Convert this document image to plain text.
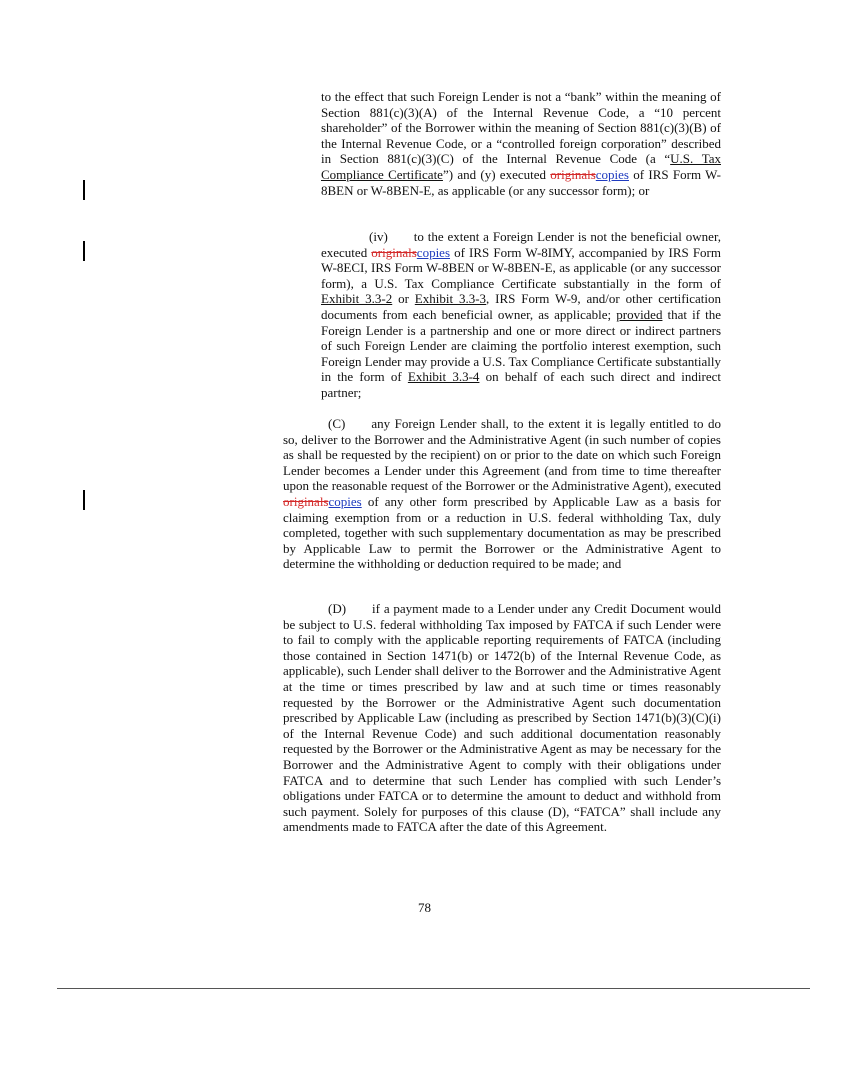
to the effect that such Foreign Lender is not a “bank” within the meaning of Section 881(c)(3)(A) of the Internal Revenue Code, a “10 percent shareholder” of the Borrower within the meaning of Section 881(c)(3)(B) of the Internal Revenue Code, or a “controlled foreign corporation” described in Section 881(c)(3)(C) of the Internal Revenue Code (a “U.S. Tax Compliance Certificate”) and (y) executed originalscopies of IRS Form W-8BEN or W-8BEN-E, as applicable (or any successor form); or

(iv) to the extent a Foreign Lender is not the beneficial owner, executed originalscopies of IRS Form W-8IMY, accompanied by IRS Form W-8ECI, IRS Form W-8BEN or W-8BEN-E, as applicable (or any successor form), a U.S. Tax Compliance Certificate substantially in the form of Exhibit 3.3-2 or Exhibit 3.3-3, IRS Form W-9, and/or other certification documents from each beneficial owner, as applicable; provided that if the Foreign Lender is a partnership and one or more direct or indirect partners of such Foreign Lender are claiming the portfolio interest exemption, such Foreign Lender may provide a U.S. Tax Compliance Certificate substantially in the form of Exhibit 3.3-4 on behalf of each such direct and indirect partner;

(C) any Foreign Lender shall, to the extent it is legally entitled to do so, deliver to the Borrower and the Administrative Agent (in such number of copies as shall be requested by the recipient) on or prior to the date on which such Foreign Lender becomes a Lender under this Agreement (and from time to time thereafter upon the reasonable request of the Borrower or the Administrative Agent), executed originalscopies of any other form prescribed by Applicable Law as a basis for claiming exemption from or a reduction in U.S. federal withholding Tax, duly completed, together with such supplementary documentation as may be prescribed by Applicable Law to permit the Borrower or the Administrative Agent to determine the withholding or deduction required to be made; and

(D) if a payment made to a Lender under any Credit Document would be subject to U.S. federal withholding Tax imposed by FATCA if such Lender were to fail to comply with the applicable reporting requirements of FATCA (including those contained in Section 1471(b) or 1472(b) of the Internal Revenue Code, as applicable), such Lender shall deliver to the Borrower and the Administrative Agent at the time or times prescribed by law and at such time or times reasonably requested by the Borrower or the Administrative Agent such documentation prescribed by Applicable Law (including as prescribed by Section 1471(b)(3)(C)(i) of the Internal Revenue Code) and such additional documentation reasonably requested by the Borrower or the Administrative Agent as may be necessary for the Borrower and the Administrative Agent to comply with their obligations under FATCA and to determine that such Lender has complied with such Lender’s obligations under FATCA or to determine the amount to deduct and withhold from such payment. Solely for purposes of this clause (D), “FATCA” shall include any amendments made to FATCA after the date of this Agreement.

78
